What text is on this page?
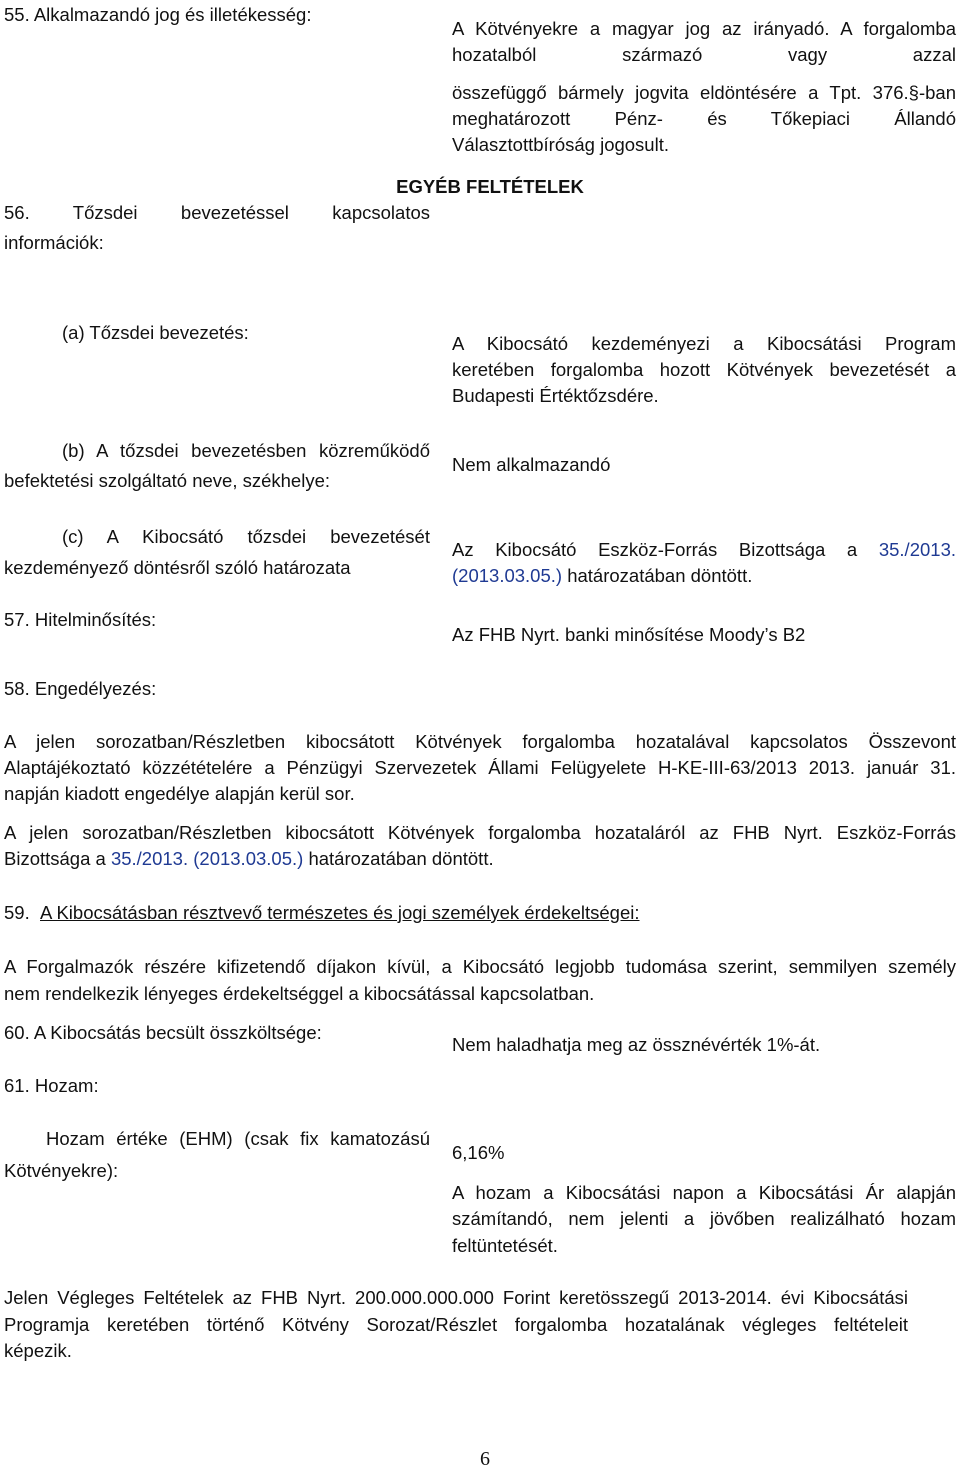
55. Alkalmazandó jog és illetékesség:
A Kötvényekre a magyar jog az irányadó. A forgalomba hozatalból származó vagy azzal
összefüggő bármely jogvita eldöntésére a Tpt. 376.§-ban
meghatározott Pénz- és Tőkepiaci Állandó
Választottbíróság jogosult.
EGYÉB FELTÉTELEK
56. Tőzsdei bevezetéssel kapcsolatos
információk:
(a) Tőzsdei bevezetés:
A Kibocsátó kezdeményezi a Kibocsátási Program
keretében forgalomba hozott Kötvények bevezetését a
Budapesti Értéktőzsdére.
(b) A tőzsdei bevezetésben közreműködő
befektetési szolgáltató neve, székhelye:
Nem alkalmazandó
(c) A Kibocsátó tőzsdei bevezetését
kezdeményező döntésről szóló határozata
Az Kibocsátó Eszköz-Forrás Bizottsága a 35./2013.
(2013.03.05.) határozatában döntött.
57. Hitelminősítés:
Az FHB Nyrt. banki minősítése Moody’s B2
58. Engedélyezés:
A jelen sorozatban/Részletben kibocsátott Kötvények forgalomba hozatalával kapcsolatos Összevont
Alaptájékoztató közzétételére a Pénzügyi Szervezetek Állami Felügyelete H-KE-III-63/2013 2013. január 31.
napján kiadott engedélye alapján kerül sor.
A jelen sorozatban/Részletben kibocsátott Kötvények forgalomba hozataláról az FHB Nyrt. Eszköz-Forrás
Bizottsága a 35./2013. (2013.03.05.) határozatában döntött.
59. A Kibocsátásban résztvevő természetes és jogi személyek érdekeltségei:
A Forgalmazók részére kifizetendő díjakon kívül, a Kibocsátó legjobb tudomása szerint, semmilyen személy
nem rendelkezik lényeges érdekeltséggel a kibocsátással kapcsolatban.
60. A Kibocsátás becsült összköltsége:
Nem haladhatja meg az össznévérték 1%-át.
61. Hozam:
Hozam értéke (EHM) (csak fix kamatozású
Kötvényekre):
6,16%
A hozam a Kibocsátási napon a Kibocsátási Ár alapján
számítandó, nem jelenti a jövőben realizálható hozam
feltüntetését.
Jelen Végleges Feltételek az FHB Nyrt. 200.000.000.000 Forint keretösszegű 2013-2014. évi Kibocsátási
Programja keretében történő Kötvény Sorozat/Részlet forgalomba hozatalának végleges feltételeit
képezik.
6
